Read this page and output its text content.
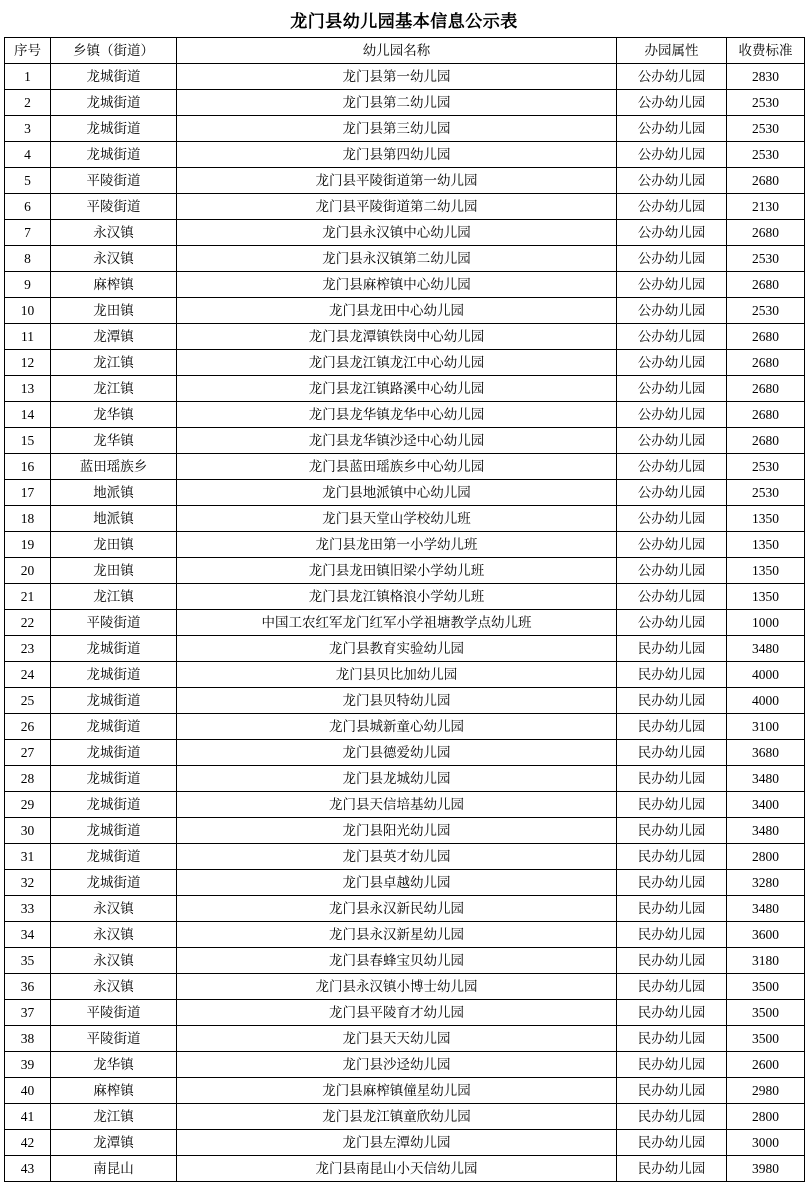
龙门县幼儿园基本信息公示表
序号	乡镇（街道）	幼儿园名称	办园属性	收费标准
1	龙城街道	龙门县第一幼儿园	公办幼儿园	2830
2	龙城街道	龙门县第二幼儿园	公办幼儿园	2530
3	龙城街道	龙门县第三幼儿园	公办幼儿园	2530
4	龙城街道	龙门县第四幼儿园	公办幼儿园	2530
5	平陵街道	龙门县平陵街道第一幼儿园	公办幼儿园	2680
6	平陵街道	龙门县平陵街道第二幼儿园	公办幼儿园	2130
7	永汉镇	龙门县永汉镇中心幼儿园	公办幼儿园	2680
8	永汉镇	龙门县永汉镇第二幼儿园	公办幼儿园	2530
9	麻榨镇	龙门县麻榨镇中心幼儿园	公办幼儿园	2680
10	龙田镇	龙门县龙田中心幼儿园	公办幼儿园	2530
11	龙潭镇	龙门县龙潭镇铁岗中心幼儿园	公办幼儿园	2680
12	龙江镇	龙门县龙江镇龙江中心幼儿园	公办幼儿园	2680
13	龙江镇	龙门县龙江镇路溪中心幼儿园	公办幼儿园	2680
14	龙华镇	龙门县龙华镇龙华中心幼儿园	公办幼儿园	2680
15	龙华镇	龙门县龙华镇沙迳中心幼儿园	公办幼儿园	2680
16	蓝田瑶族乡	龙门县蓝田瑶族乡中心幼儿园	公办幼儿园	2530
17	地派镇	龙门县地派镇中心幼儿园	公办幼儿园	2530
18	地派镇	龙门县天堂山学校幼儿班	公办幼儿园	1350
19	龙田镇	龙门县龙田第一小学幼儿班	公办幼儿园	1350
20	龙田镇	龙门县龙田镇旧梁小学幼儿班	公办幼儿园	1350
21	龙江镇	龙门县龙江镇格浪小学幼儿班	公办幼儿园	1350
22	平陵街道	中国工农红军龙门红军小学祖塘教学点幼儿班	公办幼儿园	1000
23	龙城街道	龙门县教育实验幼儿园	民办幼儿园	3480
24	龙城街道	龙门县贝比加幼儿园	民办幼儿园	4000
25	龙城街道	龙门县贝特幼儿园	民办幼儿园	4000
26	龙城街道	龙门县城新童心幼儿园	民办幼儿园	3100
27	龙城街道	龙门县德爱幼儿园	民办幼儿园	3680
28	龙城街道	龙门县龙城幼儿园	民办幼儿园	3480
29	龙城街道	龙门县天信培基幼儿园	民办幼儿园	3400
30	龙城街道	龙门县阳光幼儿园	民办幼儿园	3480
31	龙城街道	龙门县英才幼儿园	民办幼儿园	2800
32	龙城街道	龙门县卓越幼儿园	民办幼儿园	3280
33	永汉镇	龙门县永汉新民幼儿园	民办幼儿园	3480
34	永汉镇	龙门县永汉新星幼儿园	民办幼儿园	3600
35	永汉镇	龙门县春蜂宝贝幼儿园	民办幼儿园	3180
36	永汉镇	龙门县永汉镇小博士幼儿园	民办幼儿园	3500
37	平陵街道	龙门县平陵育才幼儿园	民办幼儿园	3500
38	平陵街道	龙门县天天幼儿园	民办幼儿园	3500
39	龙华镇	龙门县沙迳幼儿园	民办幼儿园	2600
40	麻榨镇	龙门县麻榨镇僮星幼儿园	民办幼儿园	2980
41	龙江镇	龙门县龙江镇童欣幼儿园	民办幼儿园	2800
42	龙潭镇	龙门县左潭幼儿园	民办幼儿园	3000
43	南昆山	龙门县南昆山小天信幼儿园	民办幼儿园	3980
